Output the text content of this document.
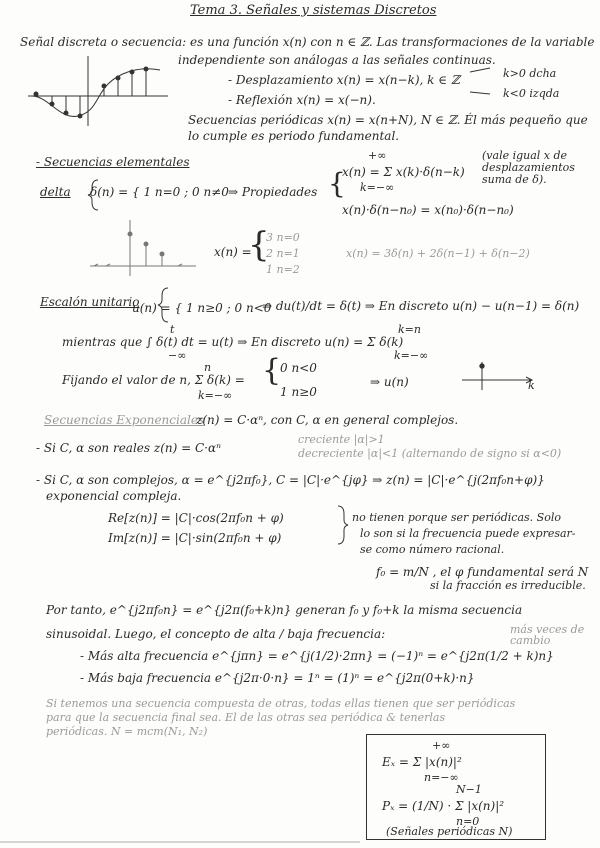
Tema 3. Señales y sistemas Discretos
Señal discreta o secuencia: es una función x(n) con n ∈ ℤ. Las transformaciones de la variable
independiente son análogas a las señales continuas.
- Desplazamiento x(n) = x(n−k), k ∈ ℤ
- Reflexión x(n) = x(−n).
k>0 dcha
k<0 izqda
Secuencias periódicas x(n) = x(n+N), N ∈ ℤ. Él más pequeño que
lo cumple es periodo fundamental.
- Secuencias elementales
delta δ(n) = { 1 n=0 ; 0 n≠0 ⇒ Propiedades {
+∞
x(n) = Σ x(k)·δ(n−k)
k=−∞
(vale igual x de
desplazamientos
suma de δ).
x(n)·δ(n−n₀) = x(n₀)·δ(n−n₀)
x(n) =
{
3 n=0
2 n=1
1 n=2
x(n) = 3δ(n) + 2δ(n−1) + δ(n−2)
Escalón unitario
u(n) = { 1 n≥0 ; 0 n<0
⇒ du(t)/dt = δ(t) ⇒ En discreto u(n) − u(n−1) = δ(n)
t
mientras que ∫ δ(t) dt = u(t) ⇒ En discreto u(n) = Σ δ(k)
−∞
k=n
k=−∞
Fijando el valor de n, Σ δ(k) =
n
k=−∞
{
0 n<0
1 n≥0
⇒ u(n)	k
Secuencias Exponenciales
z(n) = C·αⁿ, con C, α en general complejos.
- Si C, α son reales z(n) = C·αⁿ
creciente |α|>1
decreciente |α|<1 (alternando de signo si α<0)
- Si C, α son complejos, α = e^{j2πf₀}, C = |C|·e^{jφ} ⇒ z(n) = |C|·e^{j(2πf₀n+φ)}
exponencial compleja.
Re[z(n)] = |C|·cos(2πf₀n + φ)
Im[z(n)] = |C|·sin(2πf₀n + φ)
no tienen porque ser periódicas. Solo
lo son si la frecuencia puede expresar-
se como número racional.
f₀ = m/N , el φ fundamental será N
si la fracción es irreducible.
Por tanto, e^{j2πf₀n} = e^{j2π(f₀+k)n} generan f₀ y f₀+k la misma secuencia
sinusoidal. Luego, el concepto de alta / baja frecuencia:
- Más alta frecuencia e^{jπn} = e^{j(1/2)·2πn} = (−1)ⁿ = e^{j2π(1/2 + k)n}
más veces de cambio
- Más baja frecuencia e^{j2π·0·n} = 1ⁿ = (1)ⁿ = e^{j2π(0+k)·n}
Si tenemos una secuencia compuesta de otras, todas ellas tienen que ser periódicas
para que la secuencia final sea. El de las otras sea periódica & tenerlas
periódicas. N = mcm(N₁, N₂)
+∞
Eₓ = Σ |x(n)|²
n=−∞
N−1
Pₓ = (1/N) · Σ |x(n)|²
n=0
(Señales periódicas N)
